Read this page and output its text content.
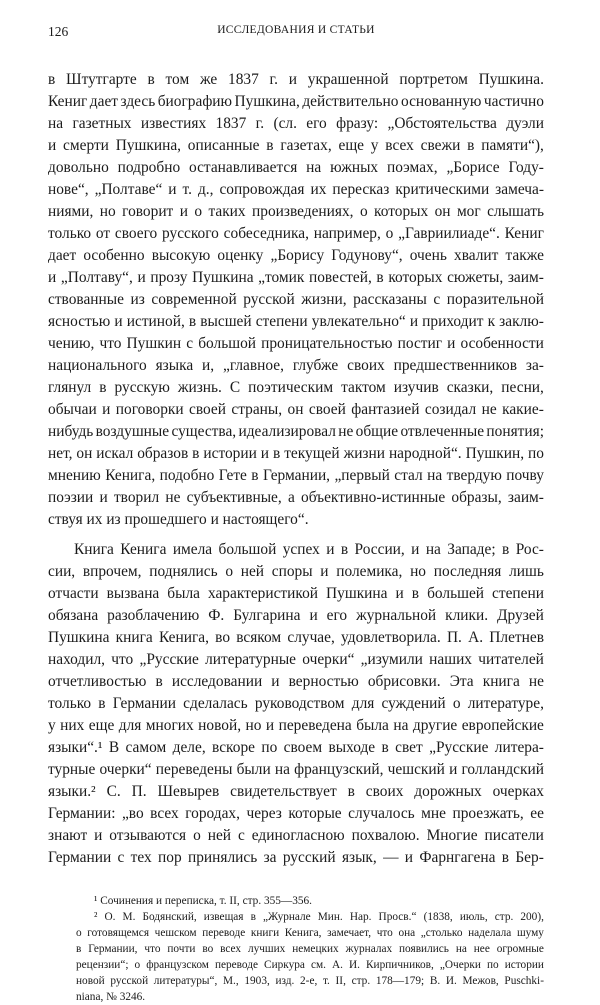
126	ИССЛЕДОВАНИЯ И СТАТЬИ
в Штутгарте в том же 1837 г. и украшенной портретом Пушкина.
Кениг дает здесь биографию Пушкина, действительно основанную частично
на газетных известиях 1837 г. (сл. его фразу: „Обстоятельства дуэли
и смерти Пушкина, описанные в газетах, еще у всех свежи в памяти“),
довольно подробно останавливается на южных поэмах, „Борисе Году-
нове“, „Полтаве“ и т. д., сопровождая их пересказ критическими замеча-
ниями, но говорит и о таких произведениях, о которых он мог слышать
только от своего русского собеседника, например, о „Гавриилиаде“. Кениг
дает особенно высокую оценку „Борису Годунову“, очень хвалит также
и „Полтаву“, и прозу Пушкина „томик повестей, в которых сюжеты, заим-
ствованные из современной русской жизни, рассказаны с поразительной
ясностью и истиной, в высшей степени увлекательно“ и приходит к заклю-
чению, что Пушкин с большой проницательностью постиг и особенности
национального языка и, „главное, глубже своих предшественников за-
глянул в русскую жизнь. С поэтическим тактом изучив сказки, песни,
обычаи и поговорки своей страны, он своей фантазией созидал не какие-
нибудь воздушные существа, идеализировал не общие отвлеченные понятия;
нет, он искал образов в истории и в текущей жизни народной“. Пушкин, по
мнению Кенига, подобно Гете в Германии, „первый стал на твердую почву
поэзии и творил не субъективные, а объективно-истинные образы, заим-
ствуя их из прошедшего и настоящего“.
Книга Кенига имела большой успех и в России, и на Западе; в Рос-
сии, впрочем, поднялись о ней споры и полемика, но последняя лишь
отчасти вызвана была характеристикой Пушкина и в большей степени
обязана разоблачению Ф. Булгарина и его журнальной клики. Друзей
Пушкина книга Кенига, во всяком случае, удовлетворила. П. А. Плетнев
находил, что „Русские литературные очерки“ „изумили наших читателей
отчетливостью в исследовании и верностью обрисовки. Эта книга не
только в Германии сделалась руководством для суждений о литературе,
у них еще для многих новой, но и переведена была на другие европейские
языки“.¹ В самом деле, вскоре по своем выходе в свет „Русские литера-
турные очерки“ переведены были на французский, чешский и голландский
языки.² С. П. Шевырев свидетельствует в своих дорожных очерках
Германии: „во всех городах, через которые случалось мне проезжать, ее
знают и отзываются о ней с единогласною похвалою. Многие писатели
Германии с тех пор принялись за русский язык, — и Фарнгагена в Бер-
¹ Сочинения и переписка, т. II, стр. 355—356.
² О. М. Бодянский, извещая в „Журнале Мин. Нар. Просв.“ (1838, июль, стр. 200),
о готовящемся чешском переводе книги Кенига, замечает, что она „столько наделала шуму
в Германии, что почти во всех лучших немецких журналах появились на нее огромные
рецензии“; о французском переводе Сиркура см. А. И. Кирпичников, „Очерки по истории
новой русской литературы“, М., 1903, изд. 2-е, т. II, стр. 178—179; В. И. Межов, Puschki-
niana, № 3246.
